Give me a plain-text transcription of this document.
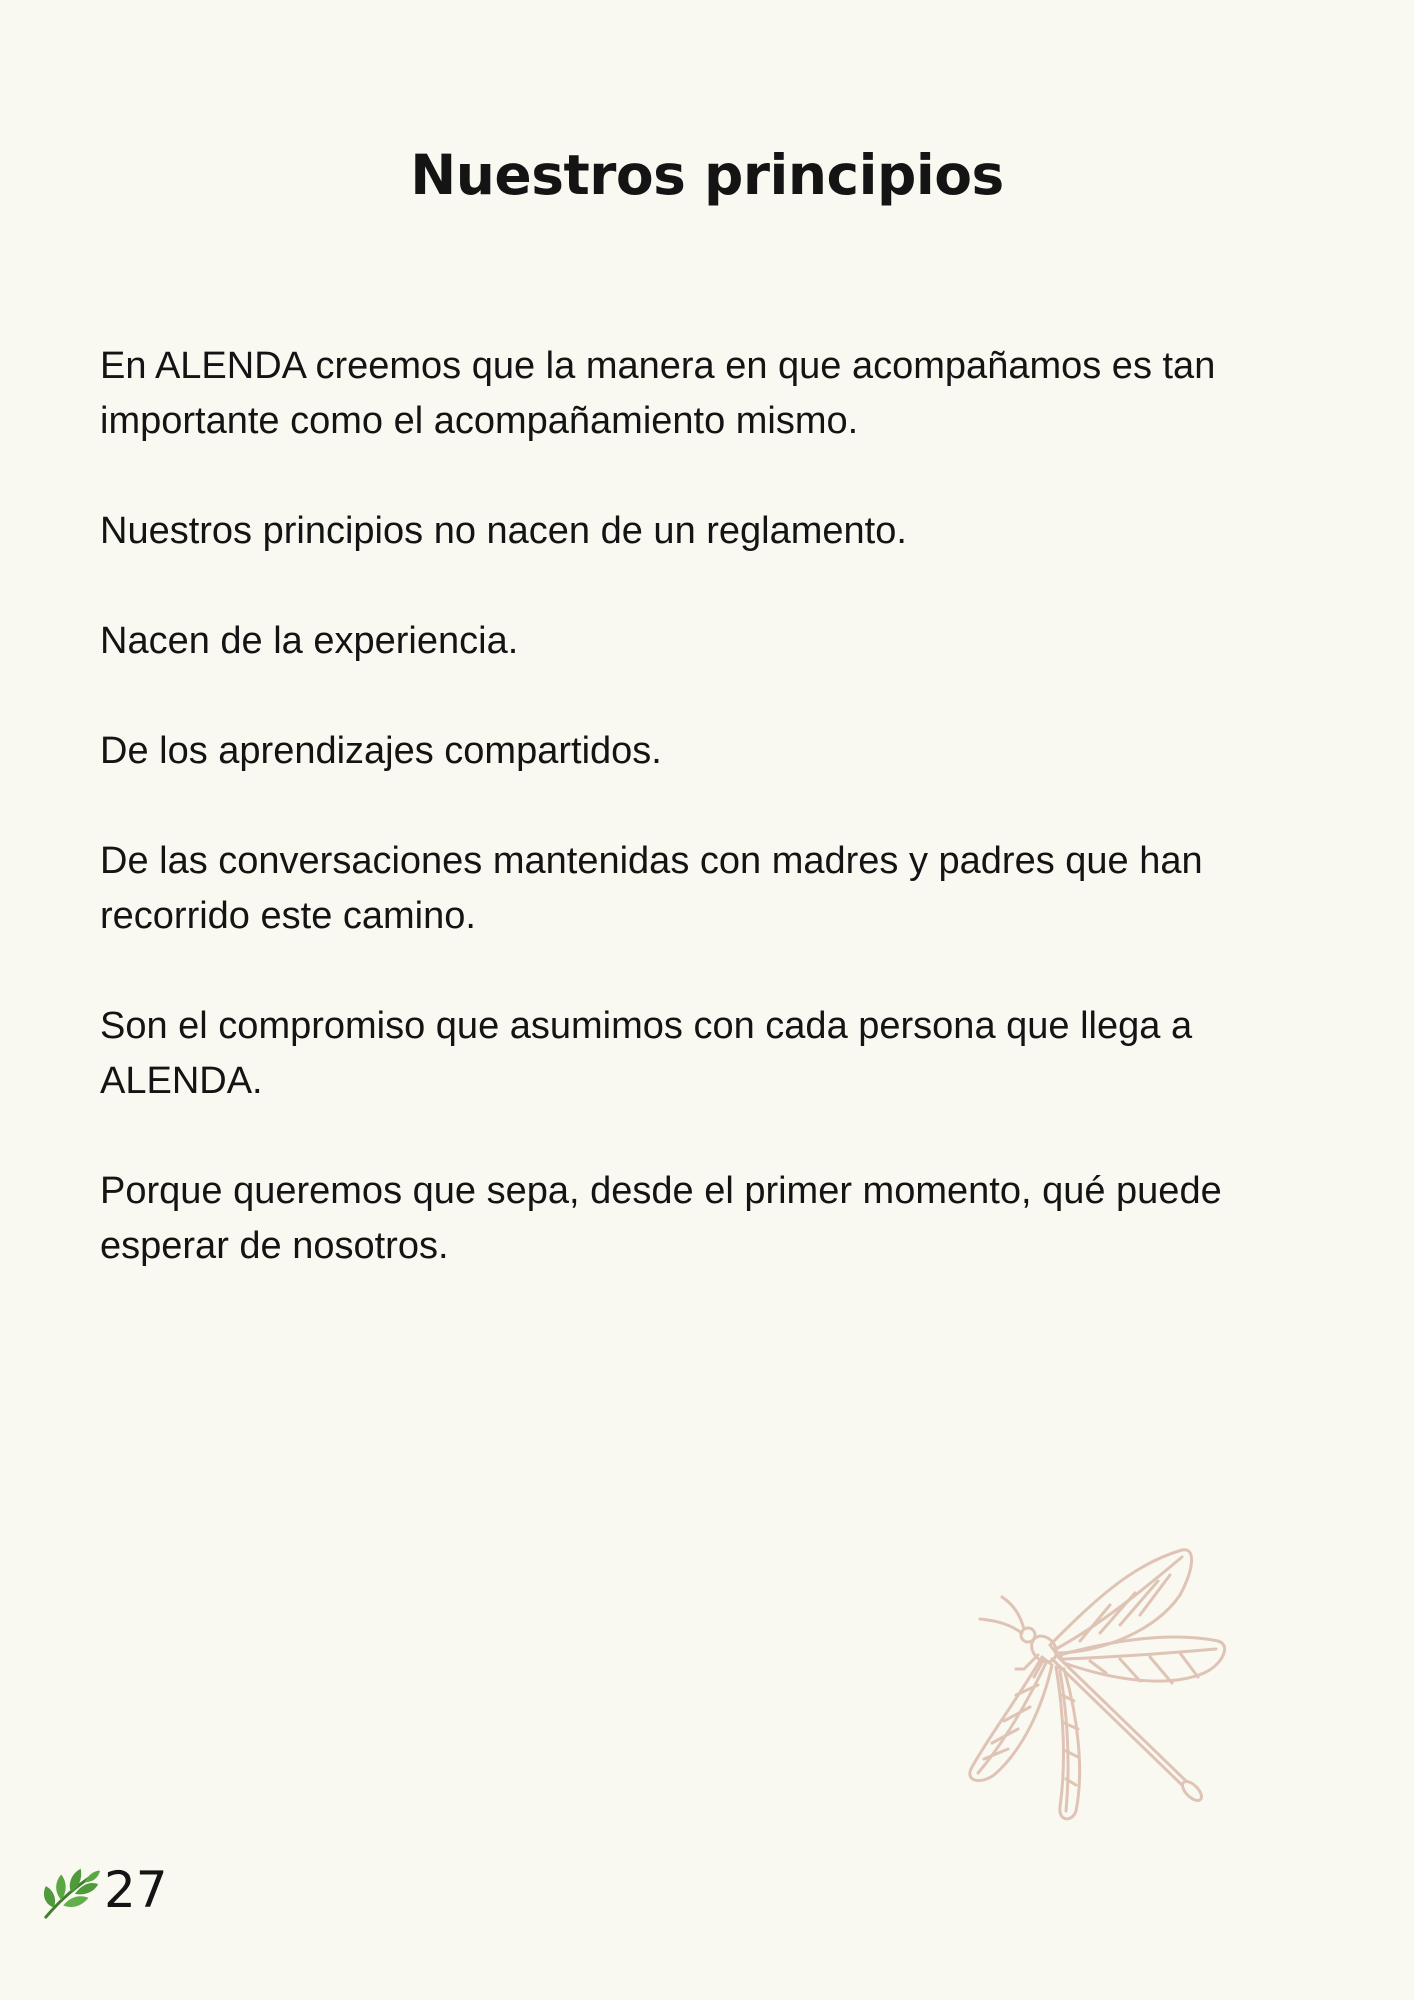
Nuestros principios

En ALENDA creemos que la manera en que acompañamos es tan importante como el acompañamiento mismo.

Nuestros principios no nacen de un reglamento.

Nacen de la experiencia.

De los aprendizajes compartidos.

De las conversaciones mantenidas con madres y padres que han recorrido este camino.

Son el compromiso que asumimos con cada persona que llega a ALENDA.

Porque queremos que sepa, desde el primer momento, qué puede esperar de nosotros.

27
